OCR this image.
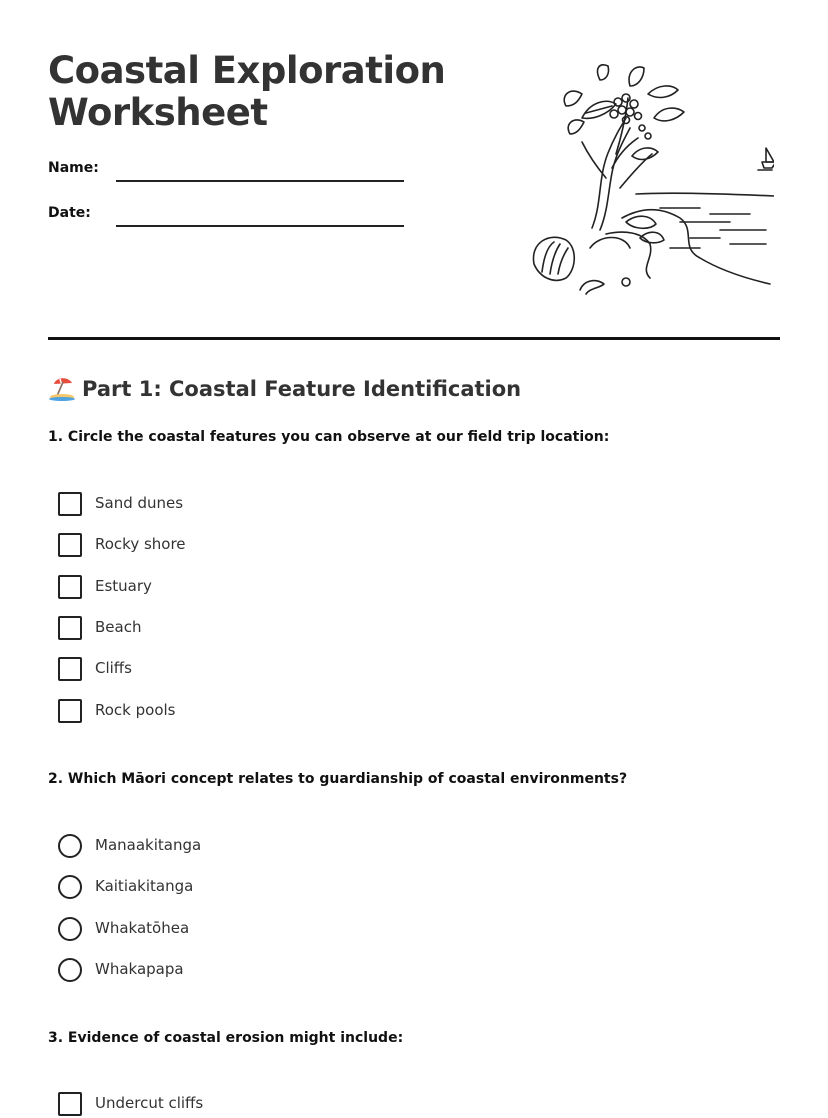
Coastal Exploration
Worksheet
Name:
Date:
Part 1: Coastal Feature Identification
1. Circle the coastal features you can observe at our field trip location:
Sand dunes
Rocky shore
Estuary
Beach
Cliffs
Rock pools
2. Which Māori concept relates to guardianship of coastal environments?
Manaakitanga
Kaitiakitanga
Whakatōhea
Whakapapa
3. Evidence of coastal erosion might include:
Undercut cliffs
